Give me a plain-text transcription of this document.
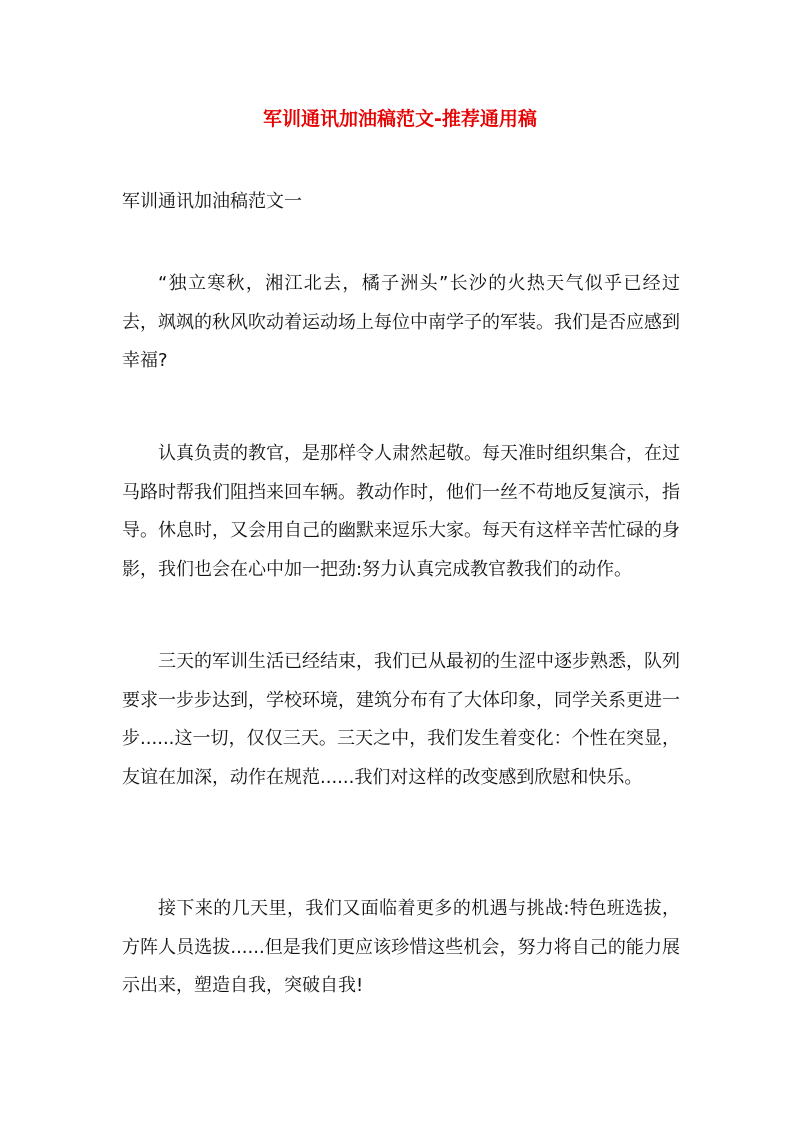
军训通讯加油稿范文-推荐通用稿
军训通讯加油稿范文一

“独立寒秋，湘江北去，橘子洲头”长沙的火热天气似乎已经过去，飒飒的秋风吹动着运动场上每位中南学子的军装。我们是否应感到幸福?

认真负责的教官，是那样令人肃然起敬。每天准时组织集合，在过马路时帮我们阻挡来回车辆。教动作时，他们一丝不苟地反复演示，指导。休息时，又会用自己的幽默来逗乐大家。每天有这样辛苦忙碌的身影，我们也会在心中加一把劲:努力认真完成教官教我们的动作。

三天的军训生活已经结束，我们已从最初的生涩中逐步熟悉，队列要求一步步达到，学校环境，建筑分布有了大体印象，同学关系更进一步......这一切，仅仅三天。三天之中，我们发生着变化：个性在突显，友谊在加深，动作在规范......我们对这样的改变感到欣慰和快乐。

接下来的几天里，我们又面临着更多的机遇与挑战:特色班选拔，方阵人员选拔......但是我们更应该珍惜这些机会，努力将自己的能力展示出来，塑造自我，突破自我!
